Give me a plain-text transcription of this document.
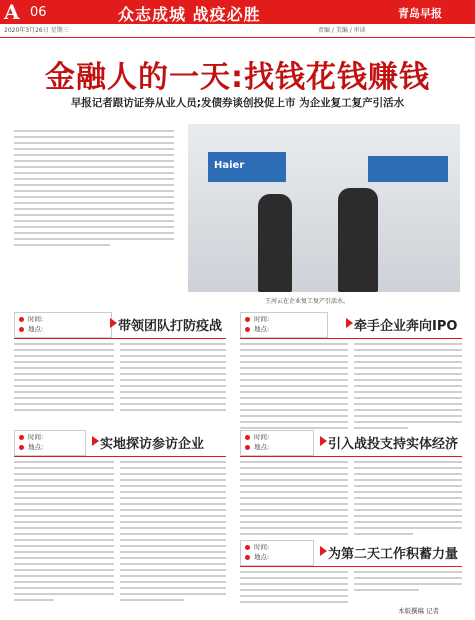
A 06	众志成城 战疫必胜	青岛早报
2020年3月26日 星期三	责编 / 美编 / 审读
金融人的一天:找钱花钱赚钱
早报记者跟访证券从业人员;发债券谈创投促上市 为企业复工复产引活水
Haier
王河云在企业复工复产引活水。
时间:
地点:	带领团队打防疫战	时间:
地点:	牵手企业奔向IPO
时间:
地点:	实地探访参访企业	时间:
地点:	引入战投支持实体经济
时间:
地点:	为第二天工作积蓄力量
本版撰稿 记者
